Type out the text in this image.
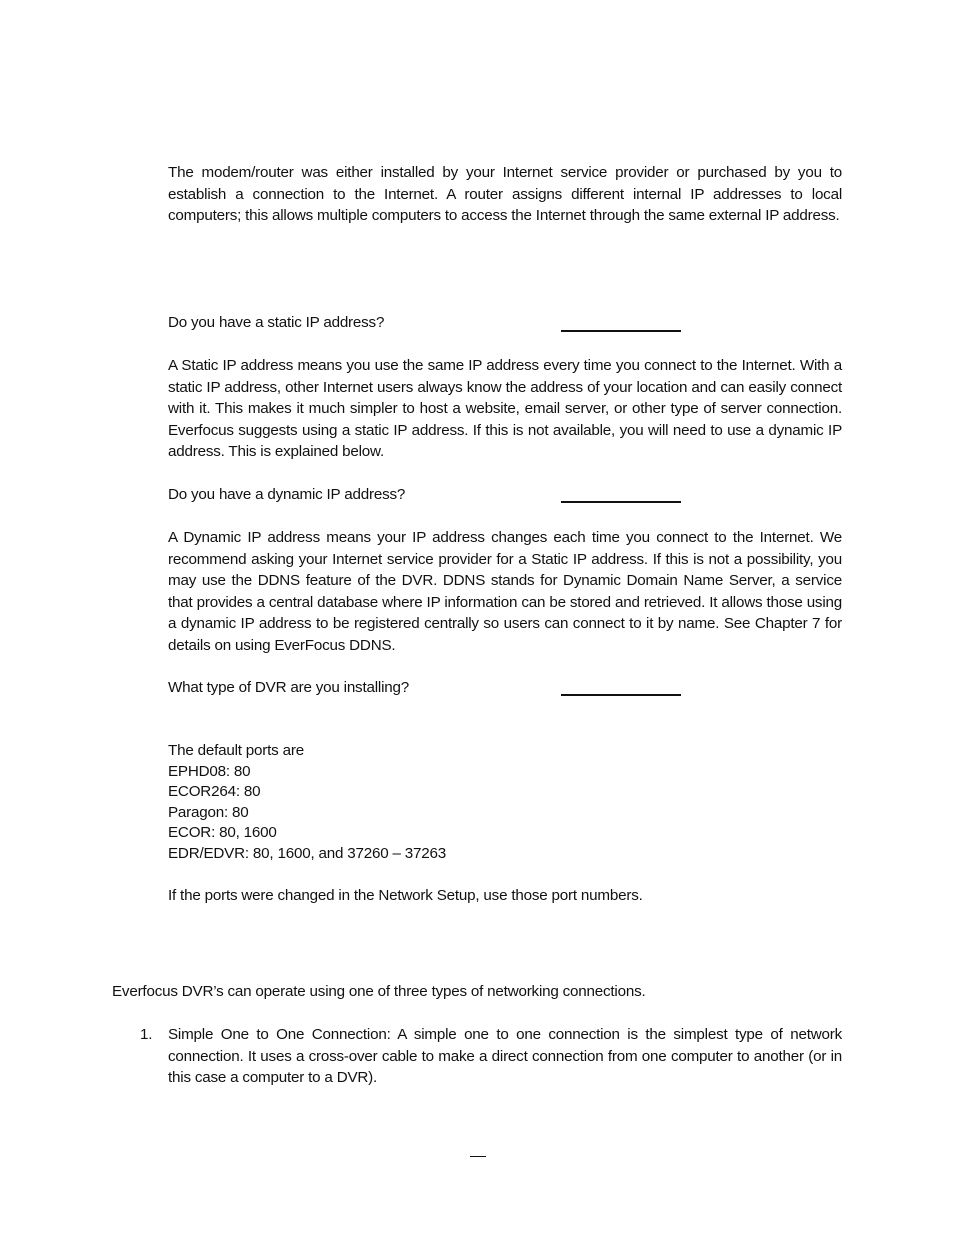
The modem/router was either installed by your Internet service provider or purchased by you to establish a connection to the Internet. A router assigns different internal IP addresses to local computers; this allows multiple computers to access the Internet through the same external IP address.

Do you have a static IP address?

A Static IP address means you use the same IP address every time you connect to the Internet. With a static IP address, other Internet users always know the address of your location and can easily connect with it. This makes it much simpler to host a website, email server, or other type of server connection. Everfocus suggests using a static IP address. If this is not available, you will need to use a dynamic IP address. This is explained below.

Do you have a dynamic IP address?

A Dynamic IP address means your IP address changes each time you connect to the Internet. We recommend asking your Internet service provider for a Static IP address. If this is not a possibility, you may use the DDNS feature of the DVR. DDNS stands for Dynamic Domain Name Server, a service that provides a central database where IP information can be stored and retrieved. It allows those using a dynamic IP address to be registered centrally so users can connect to it by name. See Chapter 7 for details on using EverFocus DDNS.

What type of DVR are you installing?
The default ports are
EPHD08: 80
ECOR264: 80
Paragon: 80
ECOR: 80, 1600
EDR/EDVR: 80, 1600, and 37260 – 37263
If the ports were changed in the Network Setup, use those port numbers.
Everfocus DVR’s can operate using one of three types of networking connections.
1.	Simple One to One Connection: A simple one to one connection is the simplest type of network connection. It uses a cross-over cable to make a direct connection from one computer to another (or in this case a computer to a DVR).
